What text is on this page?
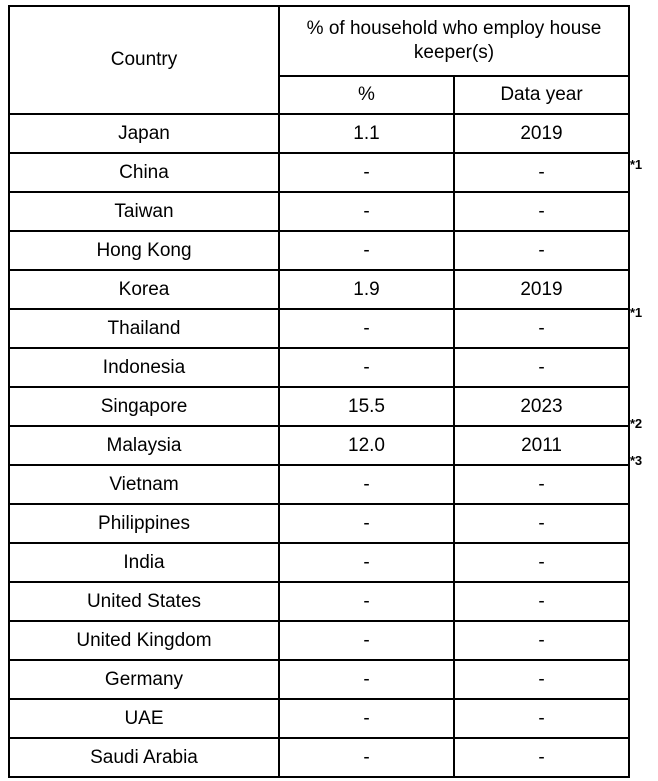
Country	% of household who employ house keeper(s)	
	%	Data year
Japan	1.1	2019
China	-	-
Taiwan	-	-
Hong Kong	-	-
Korea	1.9	2019
Thailand	-	-
Indonesia	-	-
Singapore	15.5	2023
Malaysia	12.0	2011
Vietnam	-	-
Philippines	-	-
India	-	-
United States	-	-
United Kingdom	-	-
Germany	-	-
UAE	-	-
Saudi Arabia	-	-
*1
*1
*2
*3
